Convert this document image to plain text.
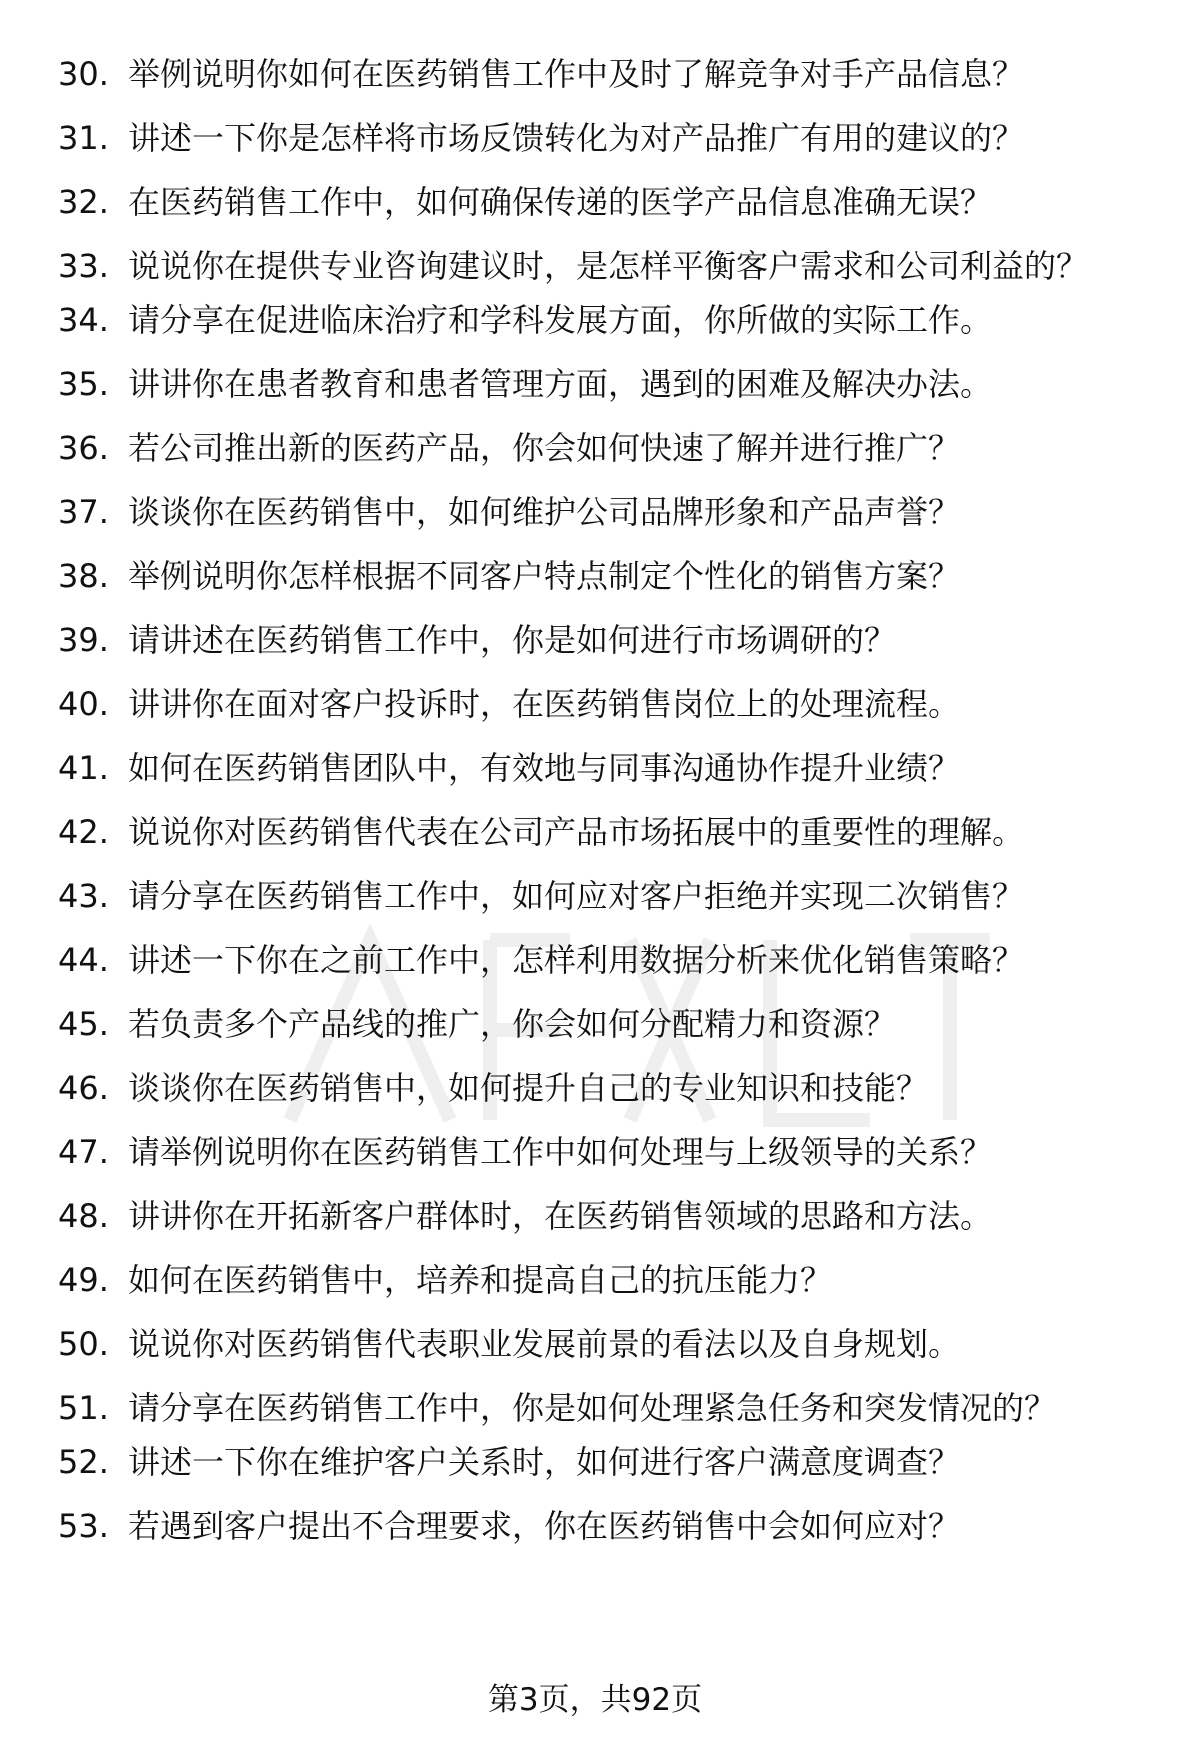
30. 举例说明你如何在医药销售工作中及时了解竞争对手产品信息？
31. 讲述一下你是怎样将市场反馈转化为对产品推广有用的建议的？
32. 在医药销售工作中，如何确保传递的医学产品信息准确无误？
33. 说说你在提供专业咨询建议时，是怎样平衡客户需求和公司利益的？
34. 请分享在促进临床治疗和学科发展方面，你所做的实际工作。
35. 讲讲你在患者教育和患者管理方面，遇到的困难及解决办法。
36. 若公司推出新的医药产品，你会如何快速了解并进行推广？
37. 谈谈你在医药销售中，如何维护公司品牌形象和产品声誉？
38. 举例说明你怎样根据不同客户特点制定个性化的销售方案？
39. 请讲述在医药销售工作中，你是如何进行市场调研的？
40. 讲讲你在面对客户投诉时，在医药销售岗位上的处理流程。
41. 如何在医药销售团队中，有效地与同事沟通协作提升业绩？
42. 说说你对医药销售代表在公司产品市场拓展中的重要性的理解。
43. 请分享在医药销售工作中，如何应对客户拒绝并实现二次销售？
44. 讲述一下你在之前工作中，怎样利用数据分析来优化销售策略？
45. 若负责多个产品线的推广，你会如何分配精力和资源？
46. 谈谈你在医药销售中，如何提升自己的专业知识和技能？
47. 请举例说明你在医药销售工作中如何处理与上级领导的关系？
48. 讲讲你在开拓新客户群体时，在医药销售领域的思路和方法。
49. 如何在医药销售中，培养和提高自己的抗压能力？
50. 说说你对医药销售代表职业发展前景的看法以及自身规划。
51. 请分享在医药销售工作中，你是如何处理紧急任务和突发情况的？
52. 讲述一下你在维护客户关系时，如何进行客户满意度调查？
53. 若遇到客户提出不合理要求，你在医药销售中会如何应对？
第3页，共92页
